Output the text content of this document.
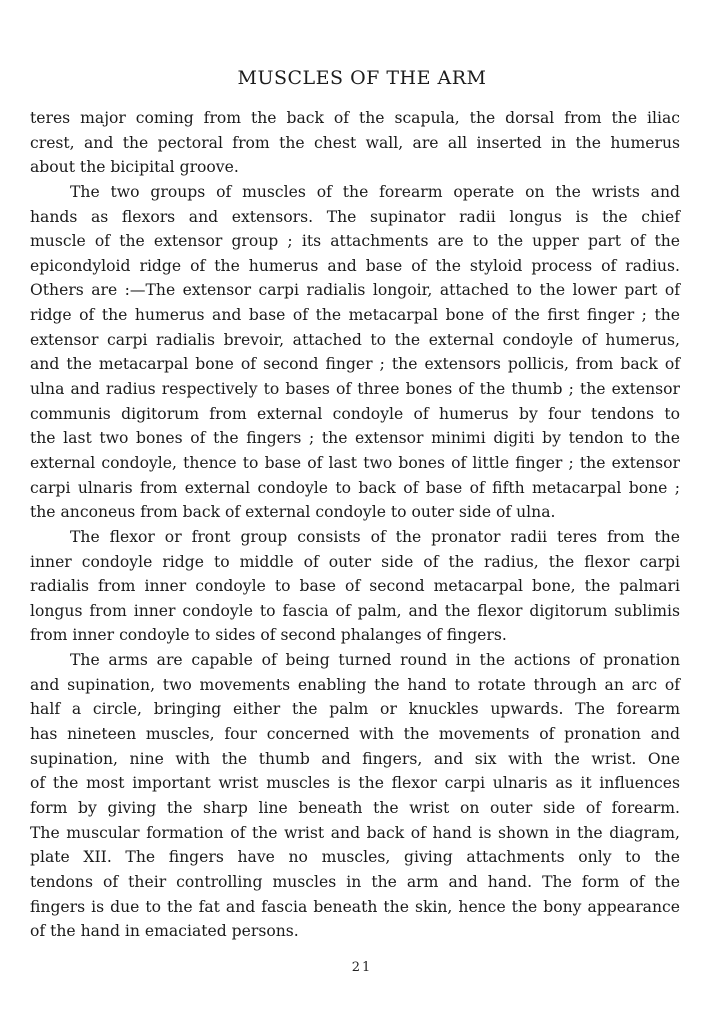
MUSCLES OF THE ARM
teres major coming from the back of the scapula, the dorsal from the iliac
crest, and the pectoral from the chest wall, are all inserted in the humerus
about the bicipital groove.
The two groups of muscles of the forearm operate on the wrists and
hands as flexors and extensors. The supinator radii longus is the chief
muscle of the extensor group ; its attachments are to the upper part of the
epicondyloid ridge of the humerus and base of the styloid process of radius.
Others are :—The extensor carpi radialis longoir, attached to the lower part of
ridge of the humerus and base of the metacarpal bone of the first finger ; the
extensor carpi radialis brevoir, attached to the external condoyle of humerus,
and the metacarpal bone of second finger ; the extensors pollicis, from back of
ulna and radius respectively to bases of three bones of the thumb ; the extensor
communis digitorum from external condoyle of humerus by four tendons to
the last two bones of the fingers ; the extensor minimi digiti by tendon to the
external condoyle, thence to base of last two bones of little finger ; the extensor
carpi ulnaris from external condoyle to back of base of fifth metacarpal bone ;
the anconeus from back of external condoyle to outer side of ulna.
The flexor or front group consists of the pronator radii teres from the
inner condoyle ridge to middle of outer side of the radius, the flexor carpi
radialis from inner condoyle to base of second metacarpal bone, the palmari
longus from inner condoyle to fascia of palm, and the flexor digitorum sublimis
from inner condoyle to sides of second phalanges of fingers.
The arms are capable of being turned round in the actions of pronation
and supination, two movements enabling the hand to rotate through an arc of
half a circle, bringing either the palm or knuckles upwards. The forearm
has nineteen muscles, four concerned with the movements of pronation and
supination, nine with the thumb and fingers, and six with the wrist. One
of the most important wrist muscles is the flexor carpi ulnaris as it influences
form by giving the sharp line beneath the wrist on outer side of forearm.
The muscular formation of the wrist and back of hand is shown in the diagram,
plate XII. The fingers have no muscles, giving attachments only to the
tendons of their controlling muscles in the arm and hand. The form of the
fingers is due to the fat and fascia beneath the skin, hence the bony appearance
of the hand in emaciated persons.
21
